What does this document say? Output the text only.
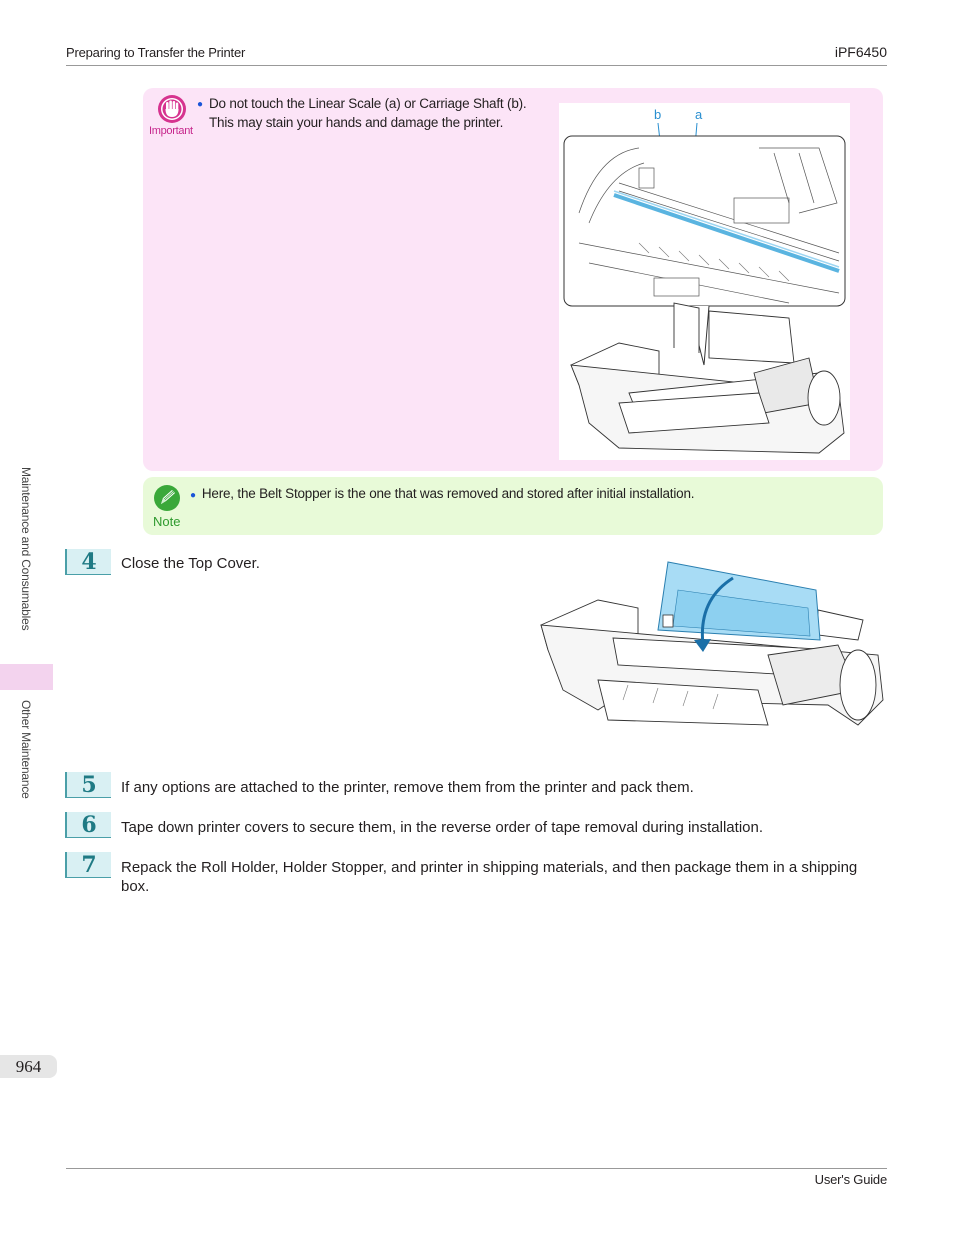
Preparing to Transfer the Printer	iPF6450
Important
● Do not touch the Linear Scale (a) or Carriage Shaft (b).
This may stain your hands and damage the printer.
b	a
Note
● Here, the Belt Stopper is the one that was removed and stored after initial installation.
4	Close the Top Cover.
5	If any options are attached to the printer, remove them from the printer and pack them.
6	Tape down printer covers to secure them, in the reverse order of tape removal during installation.
7	Repack the Roll Holder, Holder Stopper, and printer in shipping materials, and then package them in a shipping box.
Maintenance and Consumables
Other Maintenance
964
User's Guide
